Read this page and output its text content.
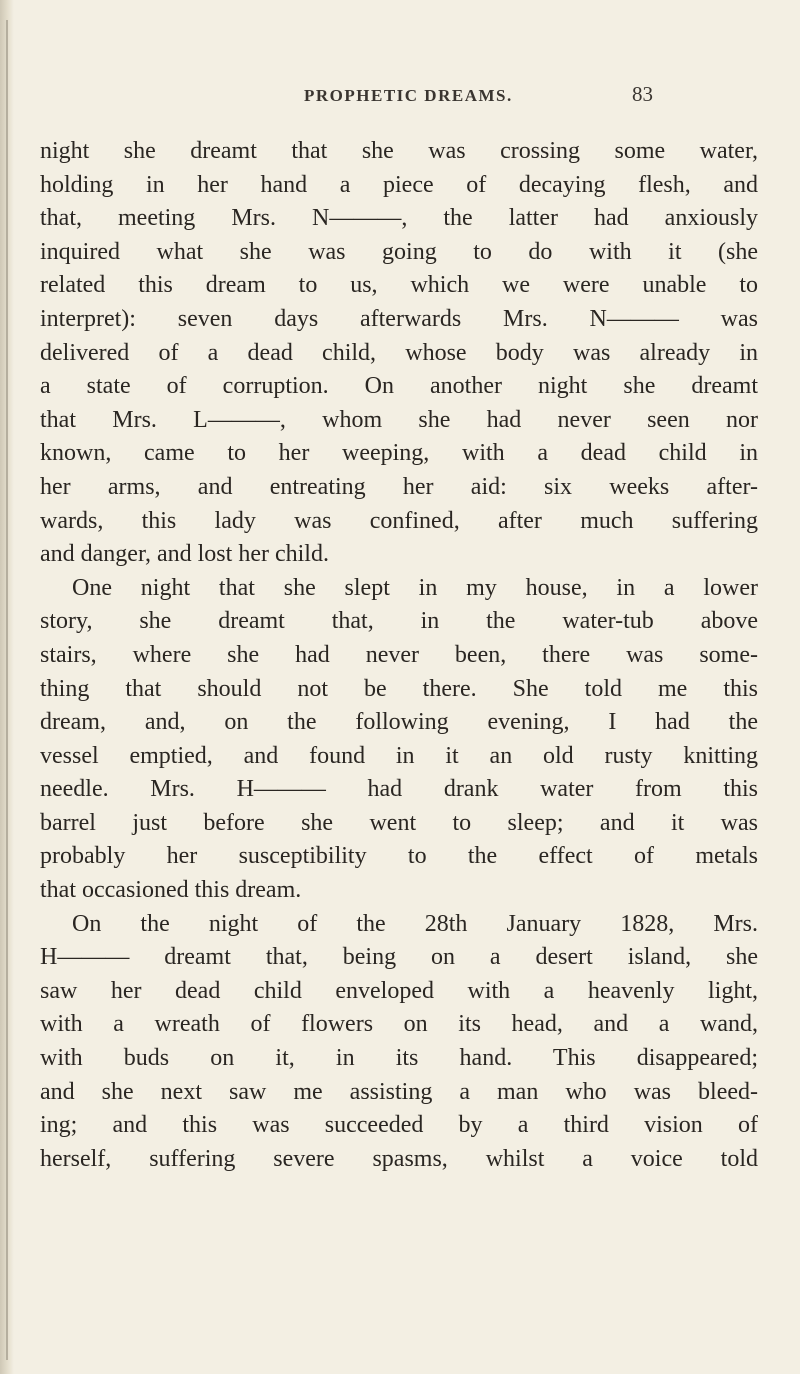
PROPHETIC DREAMS.	83
night she dreamt that she was crossing some water,
holding in her hand a piece of decaying flesh, and
that, meeting Mrs. N———, the latter had anxiously
inquired what she was going to do with it (she
related this dream to us, which we were unable to
interpret): seven days afterwards Mrs. N——— was
delivered of a dead child, whose body was already in
a state of corruption. On another night she dreamt
that Mrs. L———, whom she had never seen nor
known, came to her weeping, with a dead child in
her arms, and entreating her aid: six weeks after-
wards, this lady was confined, after much suffering
and danger, and lost her child.
One night that she slept in my house, in a lower
story, she dreamt that, in the water-tub above
stairs, where she had never been, there was some-
thing that should not be there. She told me this
dream, and, on the following evening, I had the
vessel emptied, and found in it an old rusty knitting
needle. Mrs. H——— had drank water from this
barrel just before she went to sleep; and it was
probably her susceptibility to the effect of metals
that occasioned this dream.
On the night of the 28th January 1828, Mrs.
H——— dreamt that, being on a desert island, she
saw her dead child enveloped with a heavenly light,
with a wreath of flowers on its head, and a wand,
with buds on it, in its hand. This disappeared;
and she next saw me assisting a man who was bleed-
ing; and this was succeeded by a third vision of
herself, suffering severe spasms, whilst a voice told
